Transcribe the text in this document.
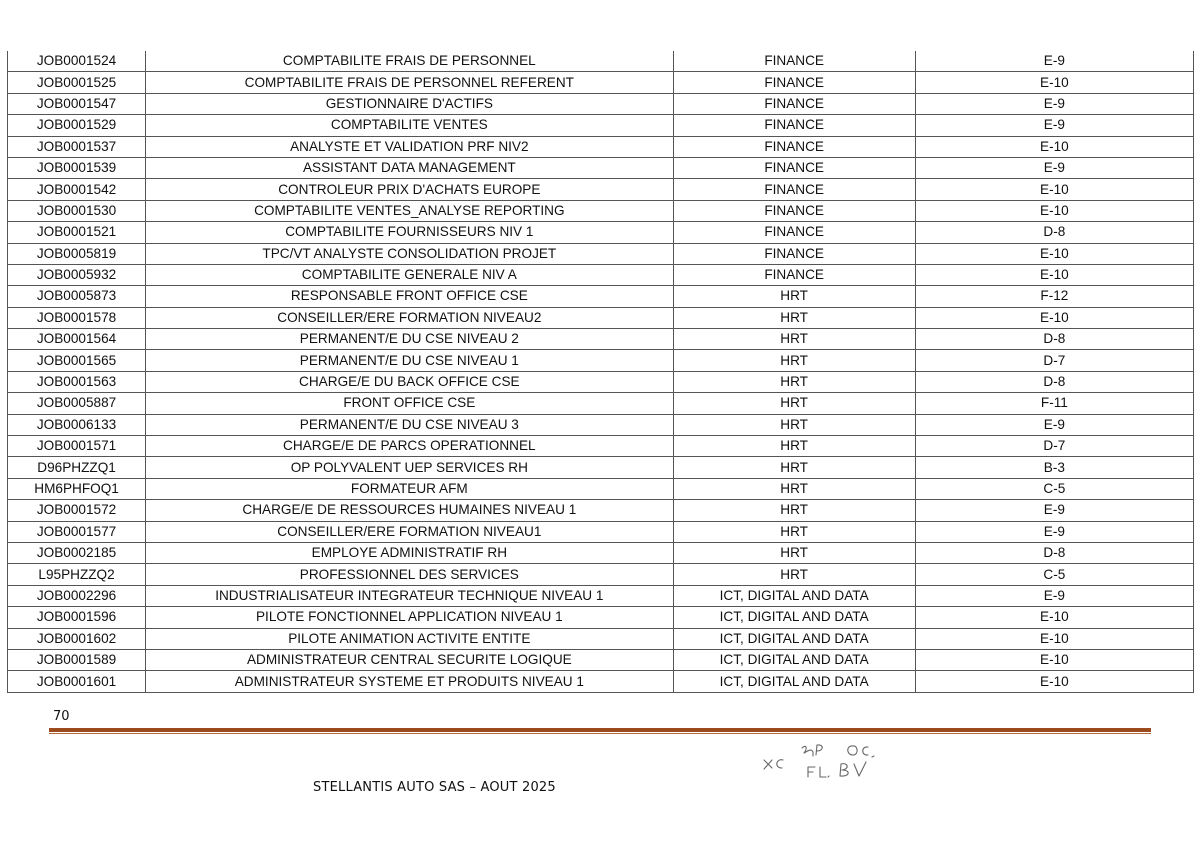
JOB0001524	COMPTABILITE FRAIS DE PERSONNEL	FINANCE	E-9
JOB0001525	COMPTABILITE FRAIS DE PERSONNEL REFERENT	FINANCE	E-10
JOB0001547	GESTIONNAIRE D'ACTIFS	FINANCE	E-9
JOB0001529	COMPTABILITE VENTES	FINANCE	E-9
JOB0001537	ANALYSTE ET VALIDATION PRF NIV2	FINANCE	E-10
JOB0001539	ASSISTANT DATA MANAGEMENT	FINANCE	E-9
JOB0001542	CONTROLEUR PRIX D'ACHATS EUROPE	FINANCE	E-10
JOB0001530	COMPTABILITE VENTES_ANALYSE REPORTING	FINANCE	E-10
JOB0001521	COMPTABILITE FOURNISSEURS NIV 1	FINANCE	D-8
JOB0005819	TPC/VT ANALYSTE CONSOLIDATION PROJET	FINANCE	E-10
JOB0005932	COMPTABILITE GENERALE NIV A	FINANCE	E-10
JOB0005873	RESPONSABLE FRONT OFFICE CSE	HRT	F-12
JOB0001578	CONSEILLER/ERE FORMATION NIVEAU2	HRT	E-10
JOB0001564	PERMANENT/E DU CSE NIVEAU 2	HRT	D-8
JOB0001565	PERMANENT/E DU CSE NIVEAU 1	HRT	D-7
JOB0001563	CHARGE/E DU BACK OFFICE CSE	HRT	D-8
JOB0005887	FRONT OFFICE CSE	HRT	F-11
JOB0006133	PERMANENT/E DU CSE NIVEAU 3	HRT	E-9
JOB0001571	CHARGE/E DE PARCS OPERATIONNEL	HRT	D-7
D96PHZZQ1	OP POLYVALENT UEP SERVICES RH	HRT	B-3
HM6PHFOQ1	FORMATEUR AFM	HRT	C-5
JOB0001572	CHARGE/E DE RESSOURCES HUMAINES NIVEAU 1	HRT	E-9
JOB0001577	CONSEILLER/ERE FORMATION NIVEAU1	HRT	E-9
JOB0002185	EMPLOYE ADMINISTRATIF RH	HRT	D-8
L95PHZZQ2	PROFESSIONNEL DES SERVICES	HRT	C-5
JOB0002296	INDUSTRIALISATEUR INTEGRATEUR TECHNIQUE NIVEAU 1	ICT, DIGITAL AND DATA	E-9
JOB0001596	PILOTE FONCTIONNEL APPLICATION NIVEAU 1	ICT, DIGITAL AND DATA	E-10
JOB0001602	PILOTE ANIMATION ACTIVITE ENTITE	ICT, DIGITAL AND DATA	E-10
JOB0001589	ADMINISTRATEUR CENTRAL SECURITE LOGIQUE	ICT, DIGITAL AND DATA	E-10
JOB0001601	ADMINISTRATEUR SYSTEME ET PRODUITS NIVEAU 1	ICT, DIGITAL AND DATA	E-10
70
STELLANTIS AUTO SAS – AOUT 2025
